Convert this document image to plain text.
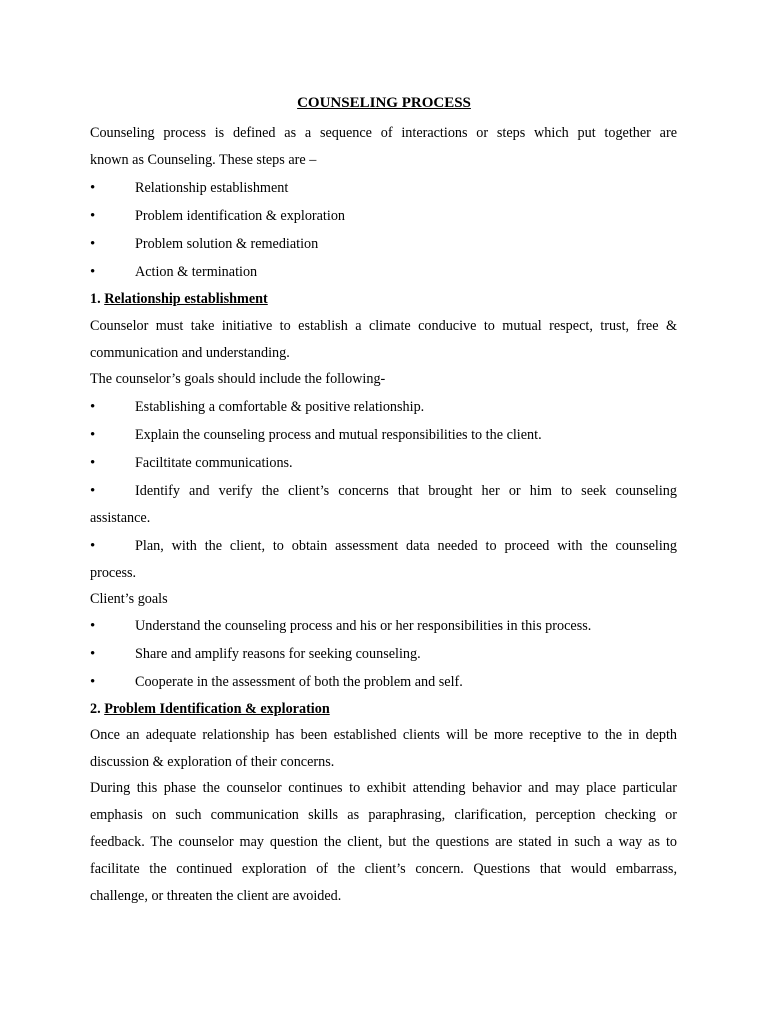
COUNSELING PROCESS

Counseling process is defined as a sequence of interactions or steps which put together are

known as Counseling. These steps are –

•	Relationship establishment
•	Problem identification & exploration
•	Problem solution & remediation
•	Action & termination
1. Relationship establishment

Counselor must take initiative to establish a climate conducive to mutual respect, trust, free &

communication and understanding.

The counselor’s goals should include the following-

•	Establishing a comfortable & positive relationship.
•	Explain the counseling process and mutual responsibilities to the client.
•	Faciltitate communications.
•	Identify and verify the client’s concerns that brought her or him to seek counseling

assistance.

•	Plan, with the client, to obtain assessment data needed to proceed with the counseling

process.

Client’s goals

•	Understand the counseling process and his or her responsibilities in this process.
•	Share and amplify reasons for seeking counseling.
•	Cooperate in the assessment of both the problem and self.
2. Problem Identification & exploration

Once an adequate relationship has been established clients will be more receptive to the in depth

discussion & exploration of their concerns.

During this phase the counselor continues to exhibit attending behavior and may place particular

emphasis on such communication skills as paraphrasing, clarification, perception checking or

feedback. The counselor may question the client, but the questions are stated in such a way as to

facilitate the continued exploration of the client’s concern. Questions that would embarrass,

challenge, or threaten the client are avoided.
